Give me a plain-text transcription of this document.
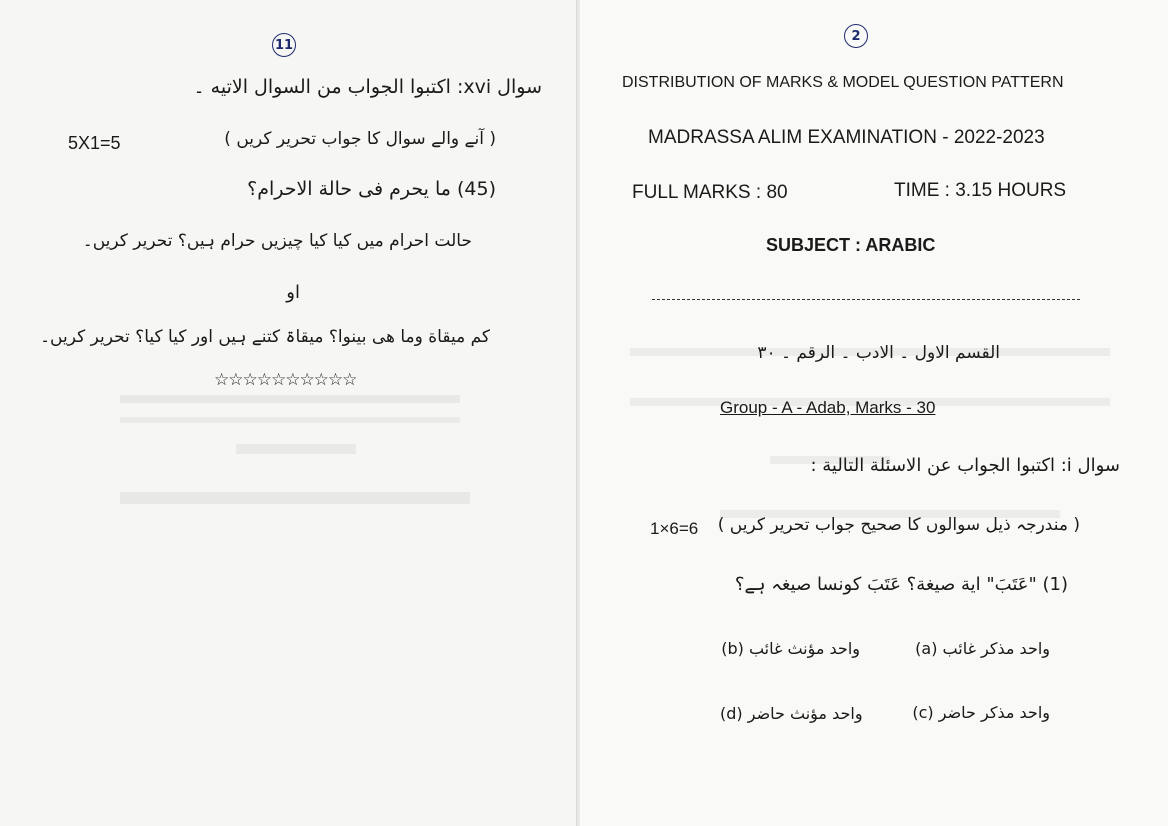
11
سوال xvi: اکتبوا الجواب من السوال الاتیه ۔
5X1=5	( آنے والے سوال کا جواب تحریر کریں )
(45) ما یحرم فی حالة الاحرام؟
حالت احرام میں کیا کیا چیزیں حرام ہیں؟ تحریر کریں۔
او
کم میقاة وما ھی بینوا؟ میقاۃ کتنے ہیں اور کیا کیا؟ تحریر کریں۔
☆☆☆☆☆☆☆☆☆☆
2
DISTRIBUTION OF MARKS & MODEL QUESTION PATTERN
MADRASSA ALIM EXAMINATION - 2022-2023
FULL MARKS : 80	TIME : 3.15 HOURS
SUBJECT : ARABIC
القسم الاول ۔ الادب ۔ الرقم ۔ ۳۰
Group - A - Adab, Marks - 30
سوال i: اکتبوا الجواب عن الاسئلة التالیة :
1×6=6 ( مندرجہ ذیل سوالوں کا صحیح جواب تحریر کریں )
(1) "عَتَبَ" اية صيغة؟ عَتَبَ کونسا صیغہ ہے؟
(b) واحد مؤنث غائب	(a) واحد مذکر غائب
(d) واحد مؤنث حاضر	(c) واحد مذکر حاضر
